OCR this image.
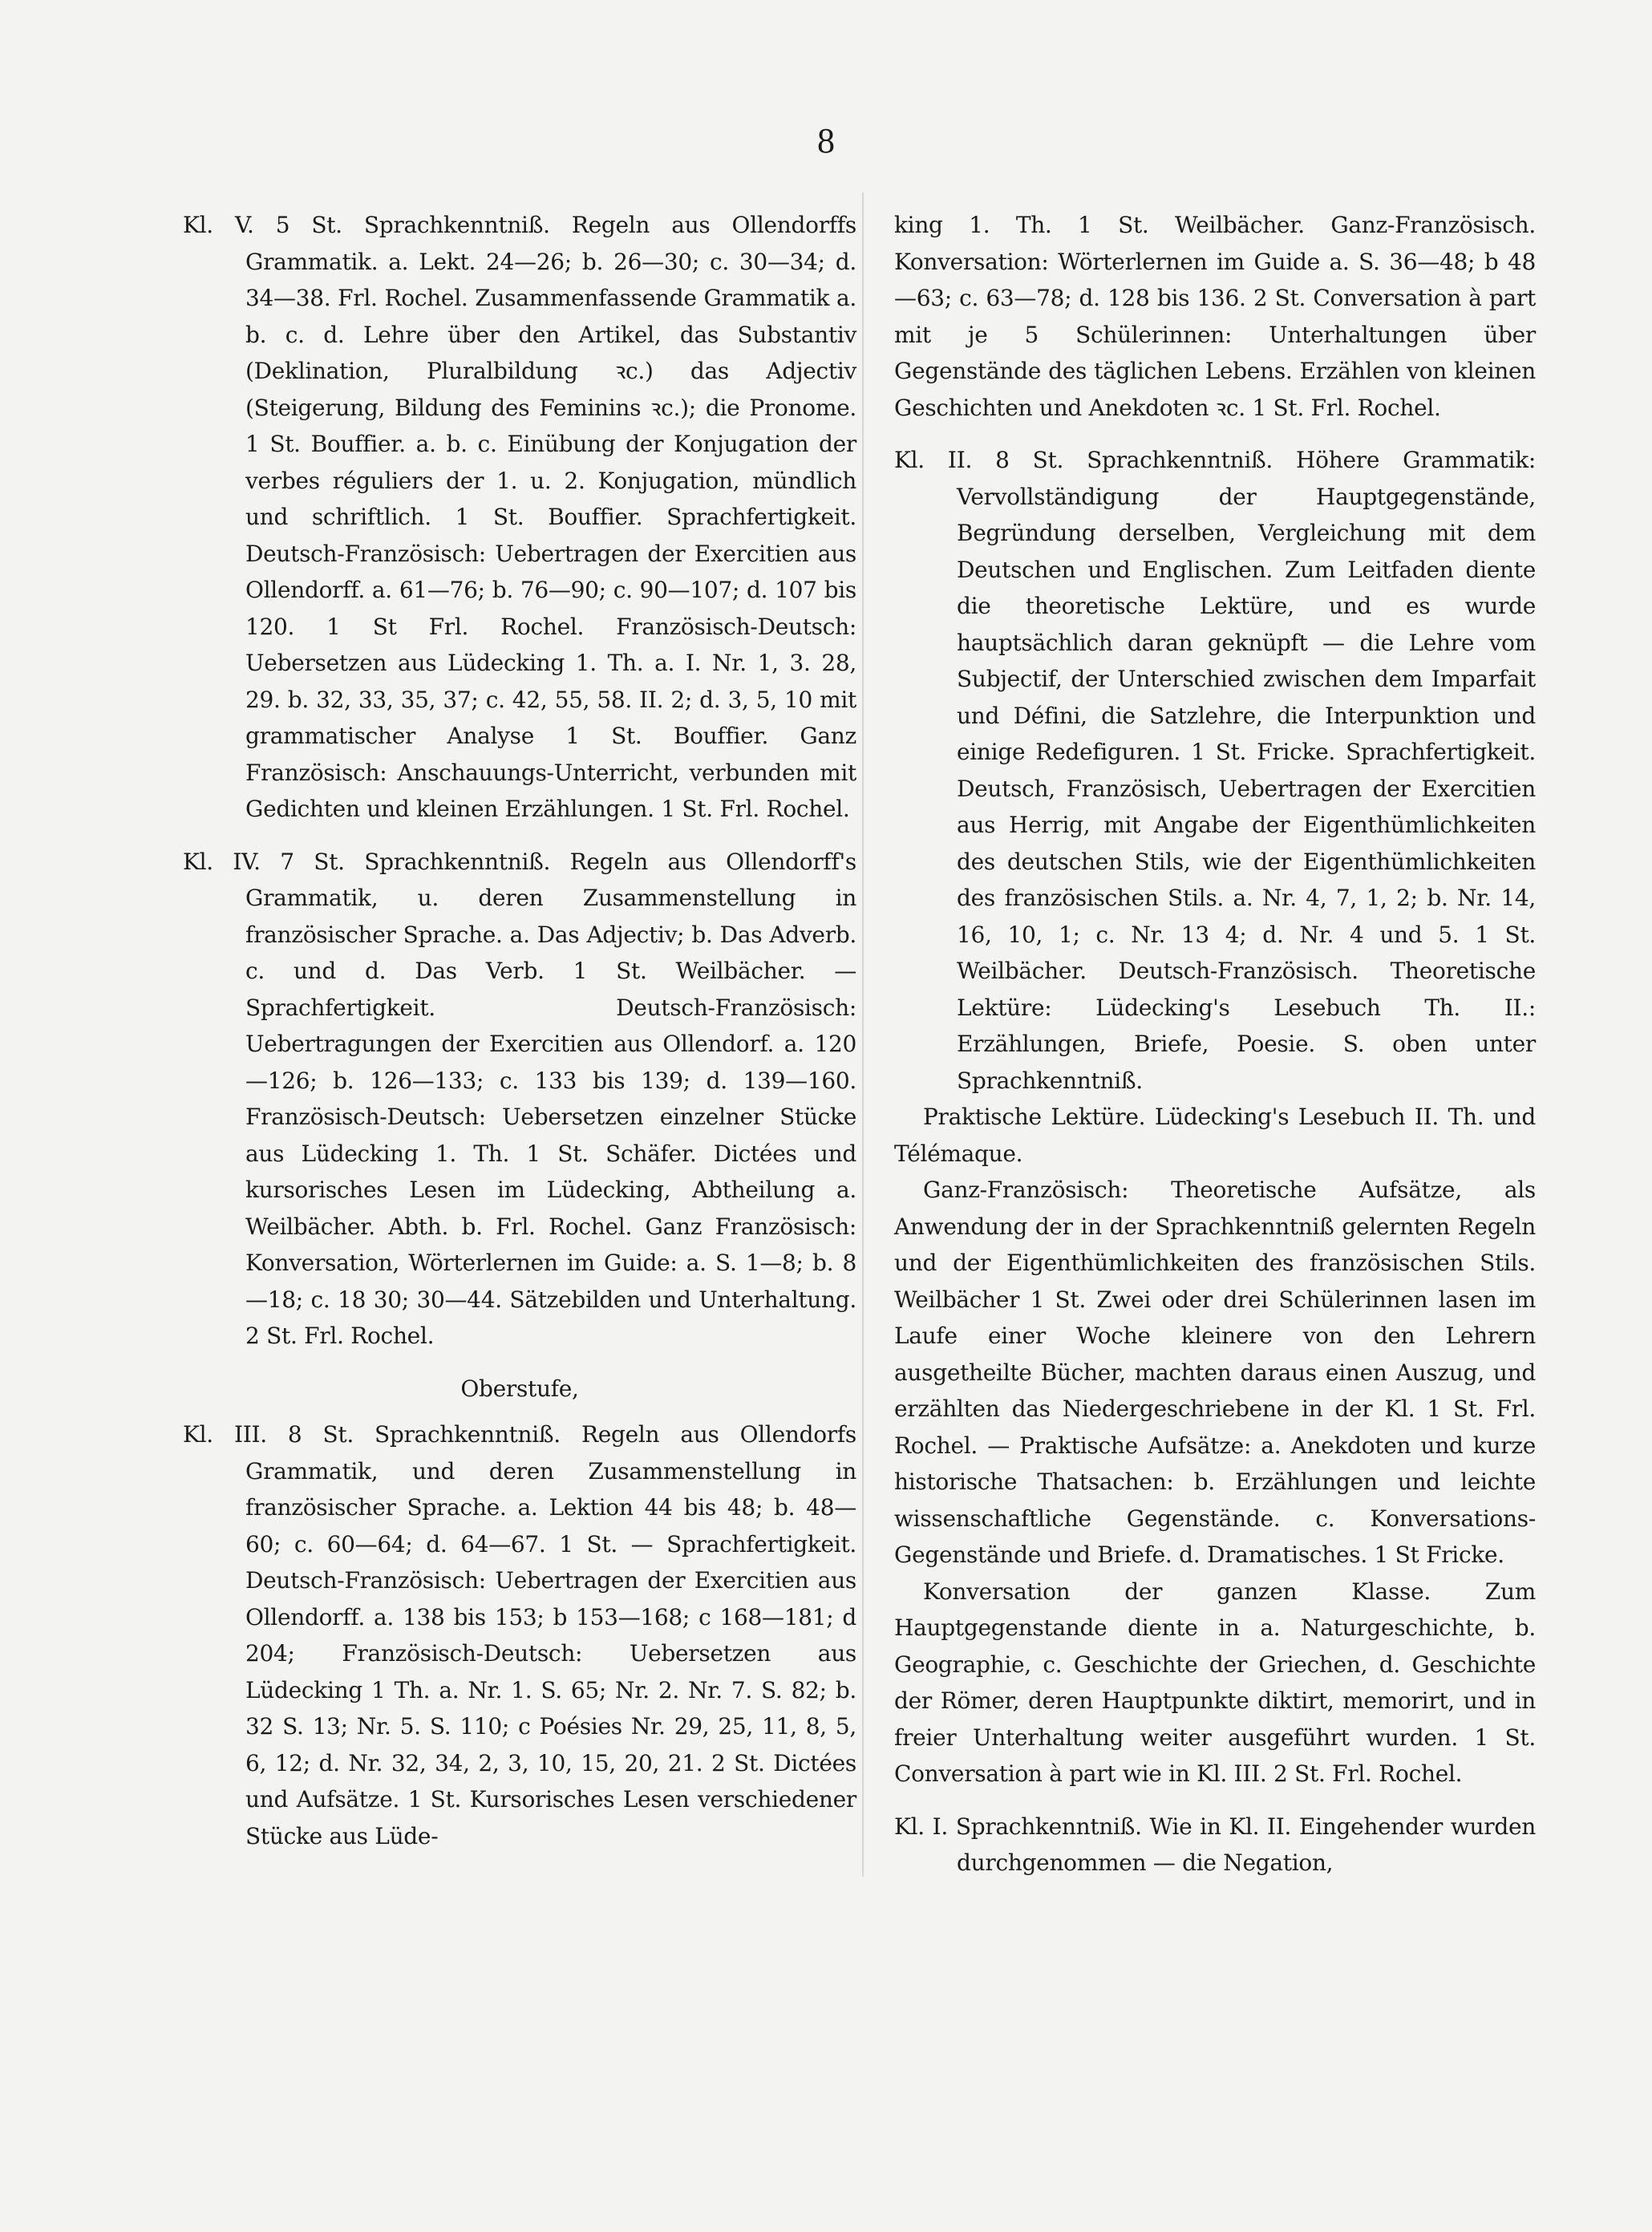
8

Kl. V. 5 St. Sprachkenntniß. Regeln aus Ollendorffs Grammatik. a. Lekt. 24—26; b. 26—30; c. 30—34; d. 34—38. Frl. Rochel. Zusammenfassende Grammatik a. b. c. d. Lehre über den Artikel, das Substantiv (Deklination, Pluralbildung ꝛc.) das Adjectiv (Steigerung, Bildung des Feminins ꝛc.); die Pronome. 1 St. Bouffier. a. b. c. Einübung der Konjugation der verbes réguliers der 1. u. 2. Konjugation, mündlich und schriftlich. 1 St. Bouffier. Sprachfertigkeit. Deutsch-Französisch: Uebertragen der Exercitien aus Ollendorff. a. 61—76; b. 76—90; c. 90—107; d. 107 bis 120. 1 St Frl. Rochel. Französisch-Deutsch: Uebersetzen aus Lüdecking 1. Th. a. I. Nr. 1, 3. 28, 29. b. 32, 33, 35, 37; c. 42, 55, 58. II. 2; d. 3, 5, 10 mit grammatischer Analyse 1 St. Bouffier. Ganz Französisch: Anschauungs-Unterricht, verbunden mit Gedichten und kleinen Erzählungen. 1 St. Frl. Rochel.

Kl. IV. 7 St. Sprachkenntniß. Regeln aus Ollendorff's Grammatik, u. deren Zusammenstellung in französischer Sprache. a. Das Adjectiv; b. Das Adverb. c. und d. Das Verb. 1 St. Weilbächer. — Sprachfertigkeit. Deutsch-Französisch: Uebertragungen der Exercitien aus Ollendorf. a. 120—126; b. 126—133; c. 133 bis 139; d. 139—160. Französisch-Deutsch: Uebersetzen einzelner Stücke aus Lüdecking 1. Th. 1 St. Schäfer. Dictées und kursorisches Lesen im Lüdecking, Abtheilung a. Weilbächer. Abth. b. Frl. Rochel. Ganz Französisch: Konversation, Wörterlernen im Guide: a. S. 1—8; b. 8—18; c. 18 30; 30—44. Sätzebilden und Unterhaltung. 2 St. Frl. Rochel.

Oberstufe,

Kl. III. 8 St. Sprachkenntniß. Regeln aus Ollendorfs Grammatik, und deren Zusammenstellung in französischer Sprache. a. Lektion 44 bis 48; b. 48—60; c. 60—64; d. 64—67. 1 St. — Sprachfertigkeit. Deutsch-Französisch: Uebertragen der Exercitien aus Ollendorff. a. 138 bis 153; b 153—168; c 168—181; d 204; Französisch-Deutsch: Uebersetzen aus Lüdecking 1 Th. a. Nr. 1. S. 65; Nr. 2. Nr. 7. S. 82; b. 32 S. 13; Nr. 5. S. 110; c Poésies Nr. 29, 25, 11, 8, 5, 6, 12; d. Nr. 32, 34, 2, 3, 10, 15, 20, 21. 2 St. Dictées und Aufsätze. 1 St. Kursorisches Lesen verschiedener Stücke aus Lüde-

king 1. Th. 1 St. Weilbächer. Ganz-Französisch. Konversation: Wörterlernen im Guide a. S. 36—48; b 48—63; c. 63—78; d. 128 bis 136. 2 St. Conversation à part mit je 5 Schülerinnen: Unterhaltungen über Gegenstände des täglichen Lebens. Erzählen von kleinen Geschichten und Anekdoten ꝛc. 1 St. Frl. Rochel.

Kl. II. 8 St. Sprachkenntniß. Höhere Grammatik: Vervollständigung der Hauptgegenstände, Begründung derselben, Vergleichung mit dem Deutschen und Englischen. Zum Leitfaden diente die theoretische Lektüre, und es wurde hauptsächlich daran geknüpft — die Lehre vom Subjectif, der Unterschied zwischen dem Imparfait und Défini, die Satzlehre, die Interpunktion und einige Redefiguren. 1 St. Fricke. Sprachfertigkeit. Deutsch, Französisch, Uebertragen der Exercitien aus Herrig, mit Angabe der Eigenthümlichkeiten des deutschen Stils, wie der Eigenthümlichkeiten des französischen Stils. a. Nr. 4, 7, 1, 2; b. Nr. 14, 16, 10, 1; c. Nr. 13 4; d. Nr. 4 und 5. 1 St. Weilbächer. Deutsch-Französisch. Theoretische Lektüre: Lüdecking's Lesebuch Th. II.: Erzählungen, Briefe, Poesie. S. oben unter Sprachkenntniß.

Praktische Lektüre. Lüdecking's Lesebuch II. Th. und Télémaque.

Ganz-Französisch: Theoretische Aufsätze, als Anwendung der in der Sprachkenntniß gelernten Regeln und der Eigenthümlichkeiten des französischen Stils. Weilbächer 1 St. Zwei oder drei Schülerinnen lasen im Laufe einer Woche kleinere von den Lehrern ausgetheilte Bücher, machten daraus einen Auszug, und erzählten das Niedergeschriebene in der Kl. 1 St. Frl. Rochel. — Praktische Aufsätze: a. Anekdoten und kurze historische Thatsachen: b. Erzählungen und leichte wissenschaftliche Gegenstände. c. Konversations-Gegenstände und Briefe. d. Dramatisches. 1 St Fricke.

Konversation der ganzen Klasse. Zum Hauptgegenstande diente in a. Naturgeschichte, b. Geographie, c. Geschichte der Griechen, d. Geschichte der Römer, deren Hauptpunkte diktirt, memorirt, und in freier Unterhaltung weiter ausgeführt wurden. 1 St. Conversation à part wie in Kl. III. 2 St. Frl. Rochel.

Kl. I. Sprachkenntniß. Wie in Kl. II. Eingehender wurden durchgenommen — die Negation,
